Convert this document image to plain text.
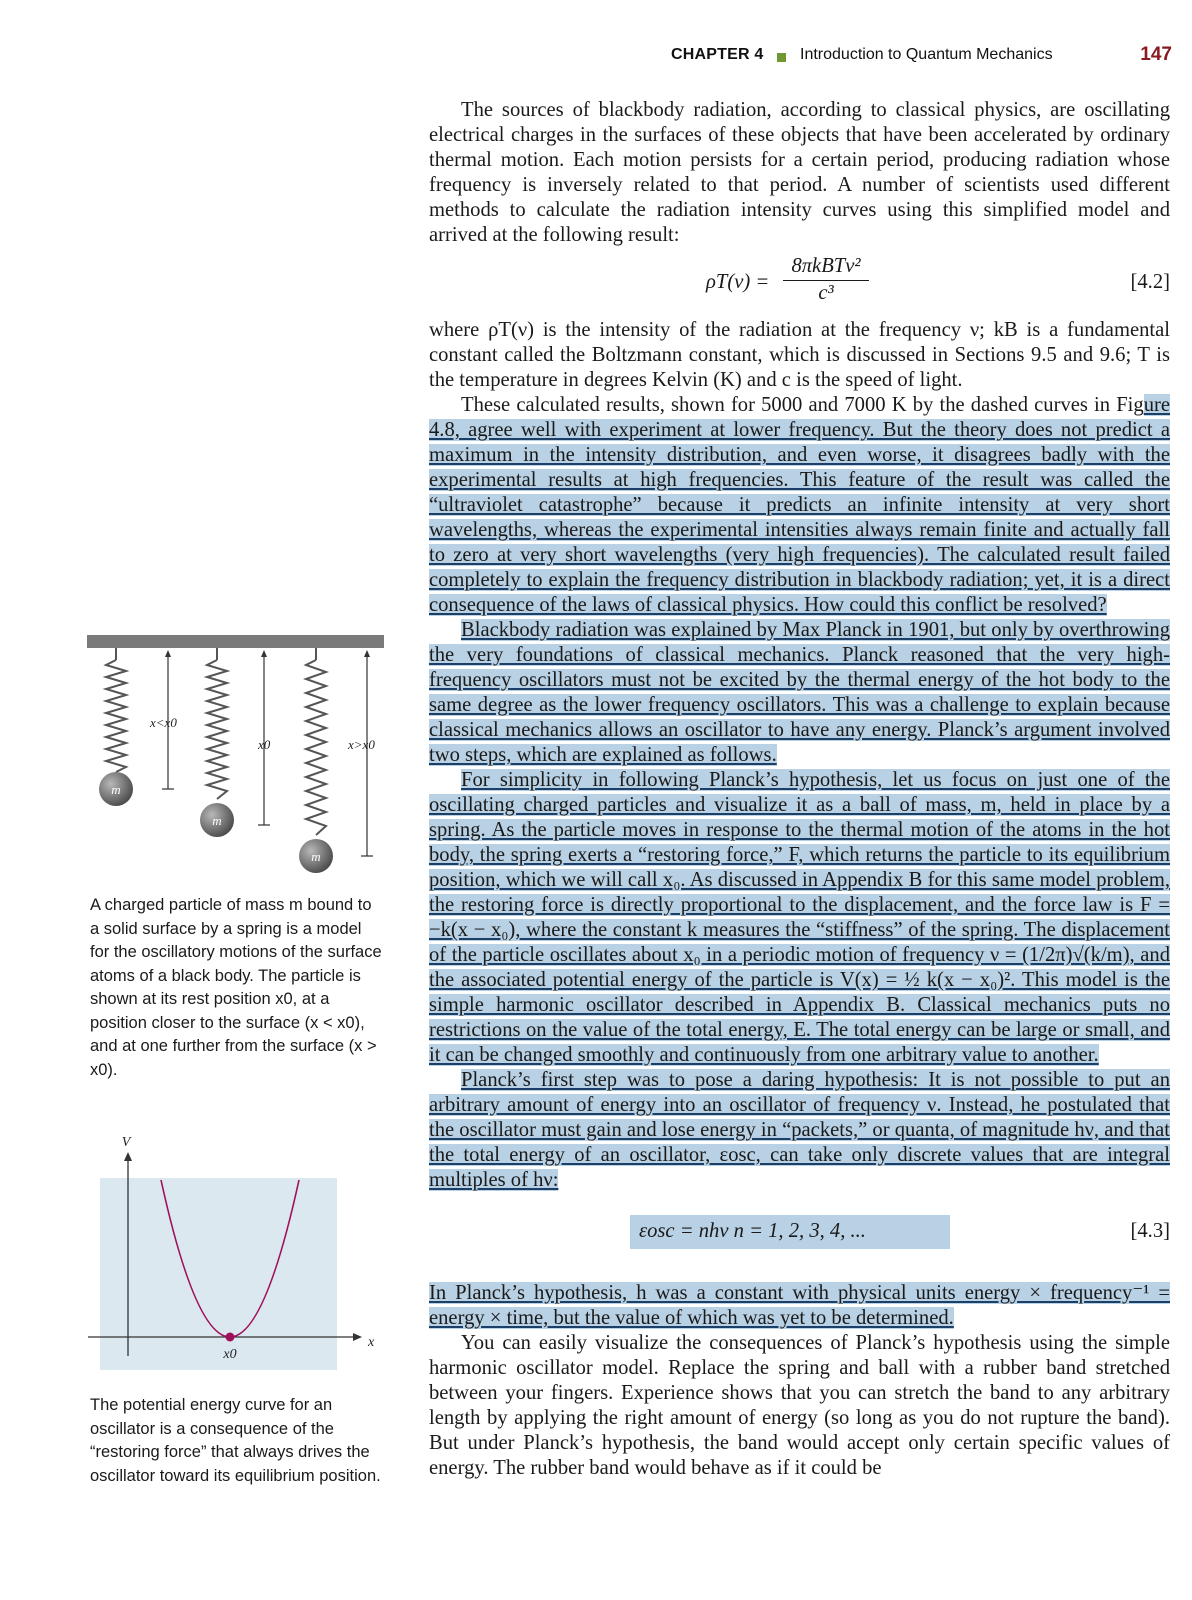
CHAPTER 4 Introduction to Quantum Mechanics	147

The sources of blackbody radiation, according to classical physics, are oscillating electrical charges in the surfaces of these objects that have been accelerated by ordinary thermal motion. Each motion persists for a certain period, producing radiation whose frequency is inversely related to that period. A number of scientists used different methods to calculate the radiation intensity curves using this simplified model and arrived at the following result:

ρT(ν) =
8πkBTν²
c³	[4.2]

where ρT(ν) is the intensity of the radiation at the frequency ν; kB is a fundamental constant called the Boltzmann constant, which is discussed in Sections 9.5 and 9.6; T is the temperature in degrees Kelvin (K) and c is the speed of light.

These calculated results, shown for 5000 and 7000 K by the dashed curves in Figure 4.8, agree well with experiment at lower frequency. But the theory does not predict a maximum in the intensity distribution, and even worse, it disagrees badly with the experimental results at high frequencies. This feature of the result was called the “ultraviolet catastrophe” because it predicts an infinite intensity at very short wavelengths, whereas the experimental intensities always remain finite and actually fall to zero at very short wavelengths (very high frequencies). The calculated result failed completely to explain the frequency distribution in blackbody radiation; yet, it is a direct consequence of the laws of classical physics. How could this conflict be resolved?

Blackbody radiation was explained by Max Planck in 1901, but only by overthrowing the very foundations of classical mechanics. Planck reasoned that the very high-frequency oscillators must not be excited by the thermal energy of the hot body to the same degree as the lower frequency oscillators. This was a challenge to explain because classical mechanics allows an oscillator to have any energy. Planck’s argument involved two steps, which are explained as follows.

For simplicity in following Planck’s hypothesis, let us focus on just one of the oscillating charged particles and visualize it as a ball of mass, m, held in place by a spring. As the particle moves in response to the thermal motion of the atoms in the hot body, the spring exerts a “restoring force,” F, which returns the particle to its equilibrium position, which we will call x₀. As discussed in Appendix B for this same model problem, the restoring force is directly proportional to the displacement, and the force law is F = −k(x − x₀), where the constant k measures the “stiffness” of the spring. The displacement of the particle oscillates about x₀ in a periodic motion of frequency ν = (1/2π)√(k/m), and the associated potential energy of the particle is V(x) = ½ k(x − x₀)². This model is the simple harmonic oscillator described in Appendix B. Classical mechanics puts no restrictions on the value of the total energy, E. The total energy can be large or small, and it can be changed smoothly and continuously from one arbitrary value to another.

Planck’s first step was to pose a daring hypothesis: It is not possible to put an arbitrary amount of energy into an oscillator of frequency ν. Instead, he postulated that the oscillator must gain and lose energy in “packets,” or quanta, of magnitude hν, and that the total energy of an oscillator, εosc, can take only discrete values that are integral multiples of hν:

εosc = nhν n = 1, 2, 3, 4, ...	[4.3]

In Planck’s hypothesis, h was a constant with physical units energy × frequency⁻¹ = energy × time, but the value of which was yet to be determined.

You can easily visualize the consequences of Planck’s hypothesis using the simple harmonic oscillator model. Replace the spring and ball with a rubber band stretched between your fingers. Experience shows that you can stretch the band to any arbitrary length by applying the right amount of energy (so long as you do not rupture the band). But under Planck’s hypothesis, the band would accept only certain specific values of energy. The rubber band would behave as if it could be

m
m
m
x<x0
x0	x>x0
A charged particle of mass m bound to a solid surface by a spring is a model for the oscillatory motions of the surface atoms of a black body. The particle is shown at its rest position x0, at a position closer to the surface (x < x0), and at one further from the surface (x > x0).
V
x
x0
The potential energy curve for an oscillator is a consequence of the “restoring force” that always drives the oscillator toward its equilibrium position.
